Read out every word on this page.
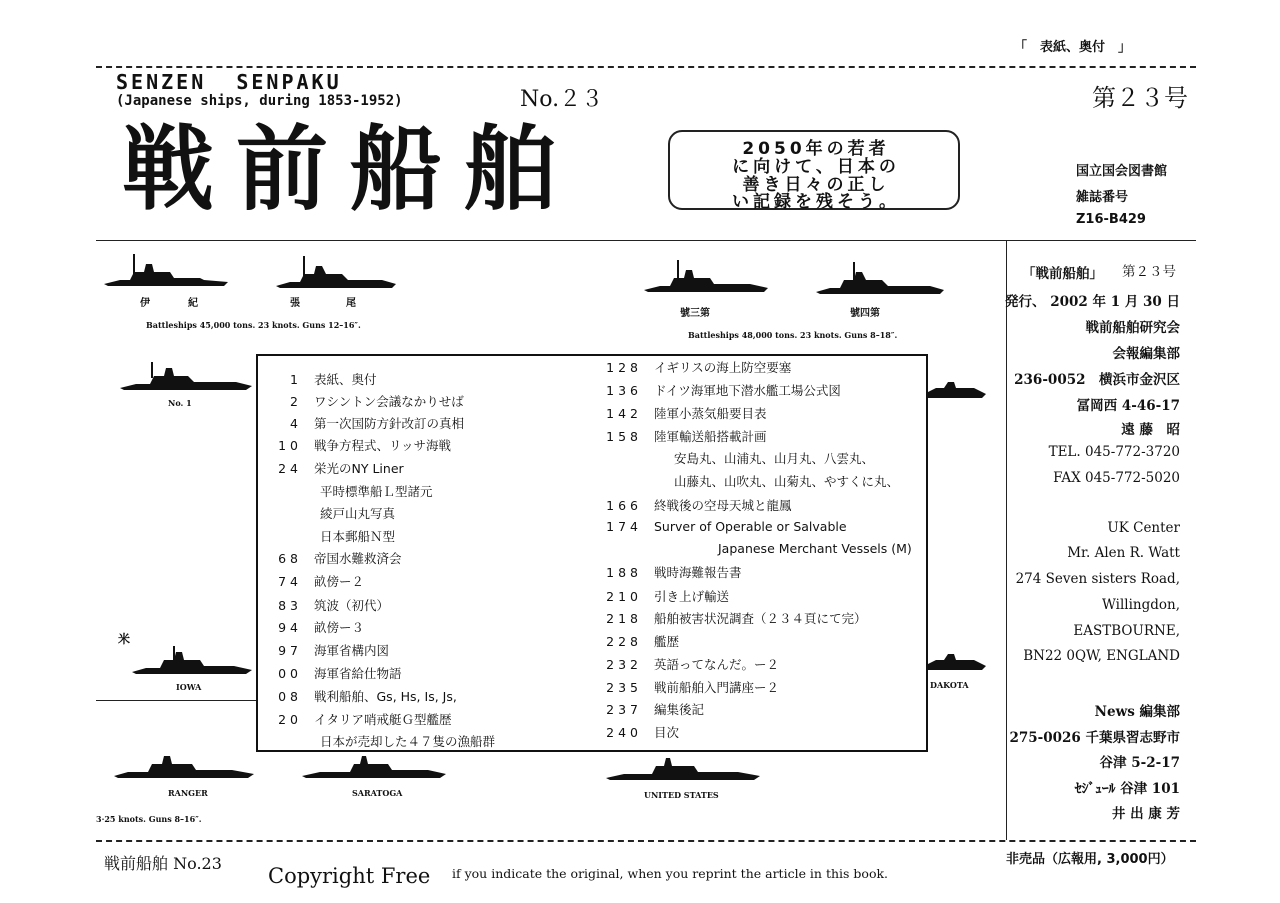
「　表紙、奥付　」
SENZEN  SENPAKU
(Japanese ships, during 1853-1952)	No.２３	第２３号
戦前船舶	2050年の若者
に向けて、日本の
善き日々の正し
い記録を残そう。
国立国会図書館
雑誌番号
Z16-B429
伊	紀	張	尾
Battleships 45,000 tons. 23 knots. Guns 12–16″.
號三第	號四第
Battleships 48,000 tons. 23 knots. Guns 8–18″.
No. 1
米
IOWA	DAKOTA
RANGER	SARATOGA	UNITED STATES
3·25 knots. Guns 8–16″.
1 表紙、奥付
2 ワシントン会議なかりせば
4 第一次国防方針改訂の真相
10 戦争方程式、リッサ海戦
24 栄光のNY Liner
平時標準船Ｌ型諸元
綾戸山丸写真
日本郵船Ｎ型
68 帝国水難救済会
74 畝傍ー２
83 筑波（初代）
94 畝傍ー３
97 海軍省構内図
00 海軍省給仕物語
08 戦利船舶、Gs, Hs, Is, Js,
20 イタリア哨戒艇Ｇ型艦歴
日本が売却した４７隻の漁船群
128 イギリスの海上防空要塞
136 ドイツ海軍地下潜水艦工場公式図
142 陸軍小蒸気船要目表
158 陸軍輸送船搭載計画
安島丸、山浦丸、山月丸、八雲丸、
山藤丸、山吹丸、山菊丸、やすくに丸、
166 終戦後の空母天城と龍鳳
174 Surver of Operable or Salvable
Japanese Merchant Vessels (M)
188 戦時海難報告書
210 引き上げ輸送
218 船舶被害状況調査（２３４頁にて完）
228 艦歴
232 英語ってなんだ。ー２
235 戦前船舶入門講座ー２
237 編集後記
240 目次
「戦前船舶」 第２３号
発行、 2002 年 1 月 30 日
戦前船舶研究会
会報編集部
236-0052　横浜市金沢区
冨岡西 4-46-17
遠 藤　昭
TEL. 045-772-3720
FAX 045-772-5020
UK Center
Mr. Alen R. Watt
274 Seven sisters Road,
Willingdon,
EASTBOURNE,
BN22 0QW, ENGLAND
News 編集部
275-0026 千葉県習志野市
谷津 5-2-17
ｾｼﾞｭｰﾙ 谷津 101
井 出 康 芳
戦前船舶 No.23
Copyright Free if you indicate the original, when you reprint the article in this book.
非売品（広報用, 3,000円）
